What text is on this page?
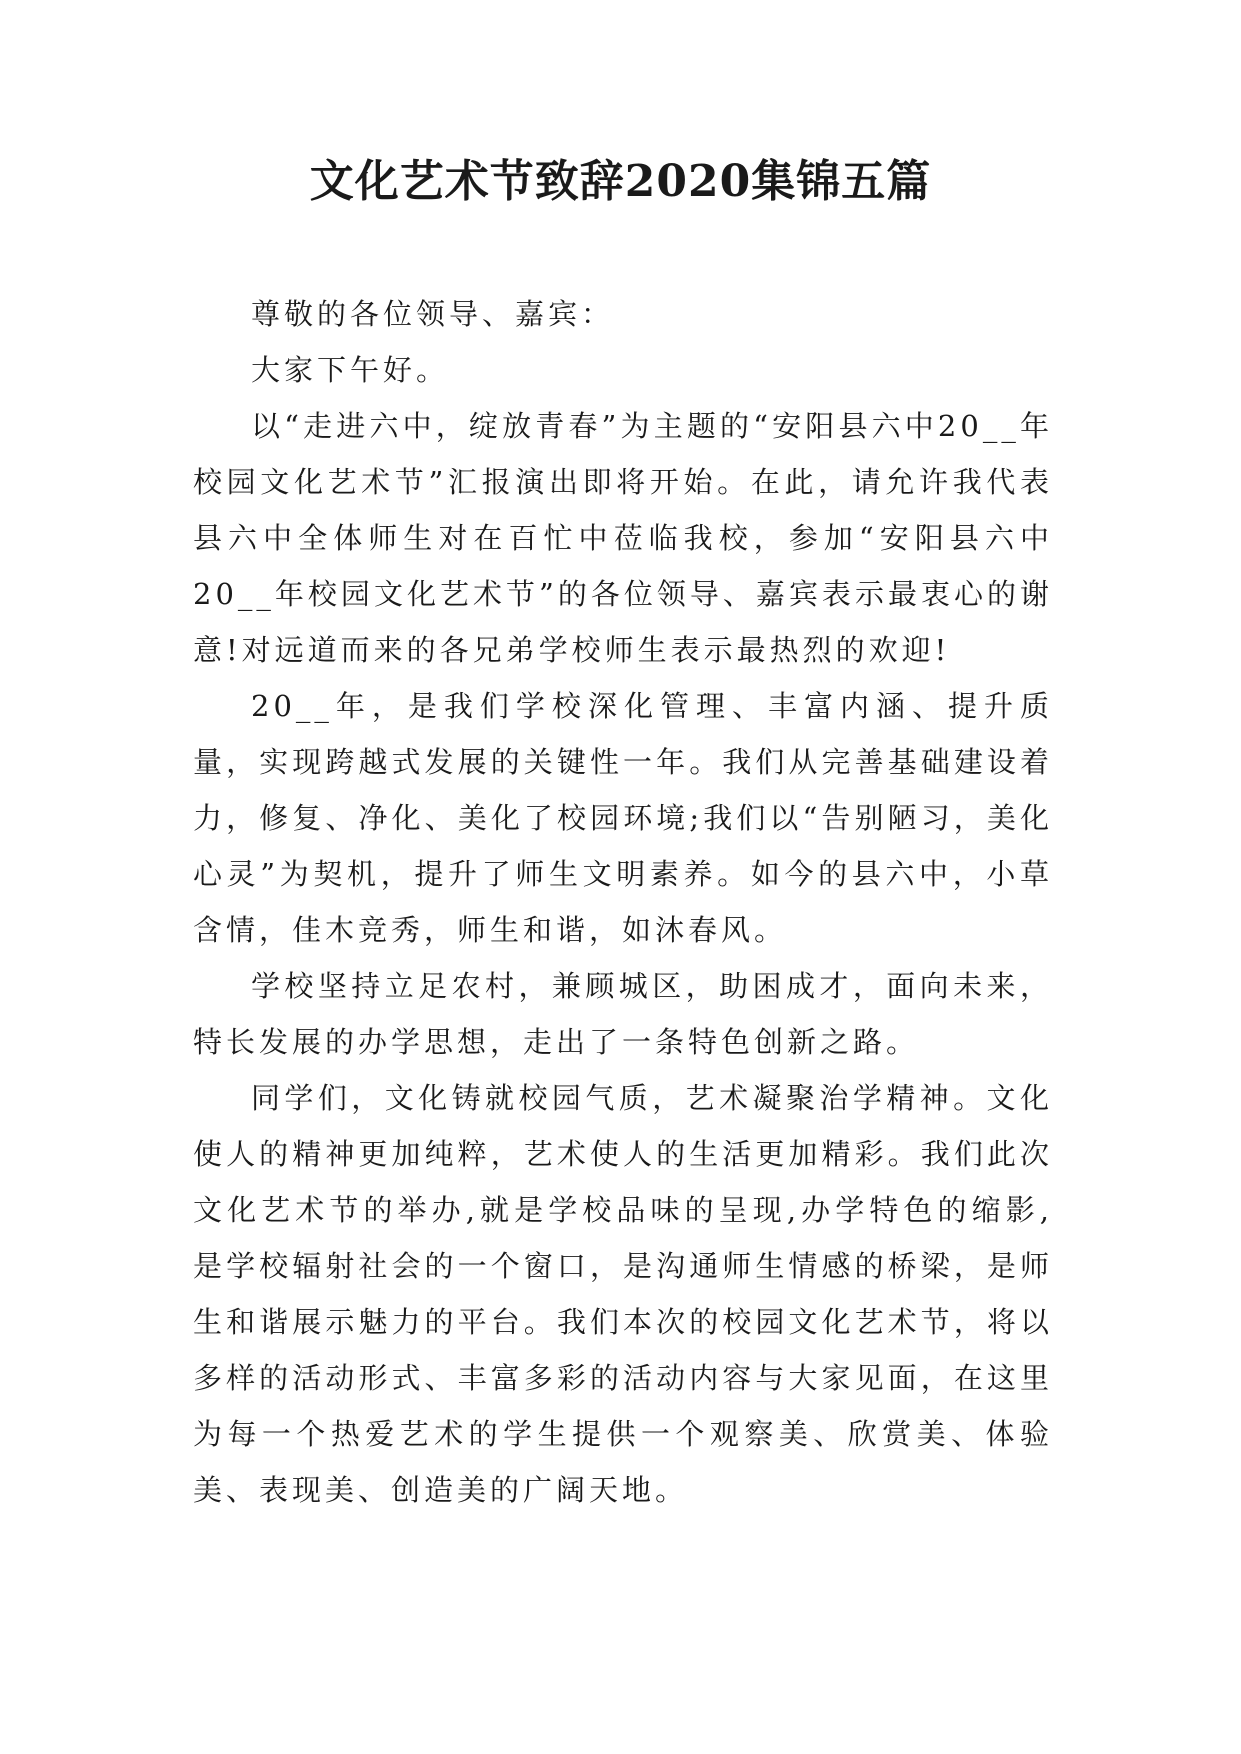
文化艺术节致辞2020集锦五篇

尊敬的各位领导、嘉宾：

大家下午好。

以“走进六中，绽放青春”为主题的“安阳县六中20__年校园文化艺术节”汇报演出即将开始。在此，请允许我代表县六中全体师生对在百忙中莅临我校，参加“安阳县六中20__年校园文化艺术节”的各位领导、嘉宾表示最衷心的谢意!对远道而来的各兄弟学校师生表示最热烈的欢迎!

20__年，是我们学校深化管理、丰富内涵、提升质量，实现跨越式发展的关键性一年。我们从完善基础建设着力，修复、净化、美化了校园环境;我们以“告别陋习，美化心灵”为契机，提升了师生文明素养。如今的县六中，小草含情，佳木竞秀，师生和谐，如沐春风。

学校坚持立足农村，兼顾城区，助困成才，面向未来，特长发展的办学思想，走出了一条特色创新之路。

同学们，文化铸就校园气质，艺术凝聚治学精神。文化使人的精神更加纯粹，艺术使人的生活更加精彩。我们此次文化艺术节的举办,就是学校品味的呈现,办学特色的缩影,是学校辐射社会的一个窗口，是沟通师生情感的桥梁，是师生和谐展示魅力的平台。我们本次的校园文化艺术节，将以多样的活动形式、丰富多彩的活动内容与大家见面，在这里为每一个热爱艺术的学生提供一个观察美、欣赏美、体验美、表现美、创造美的广阔天地。
